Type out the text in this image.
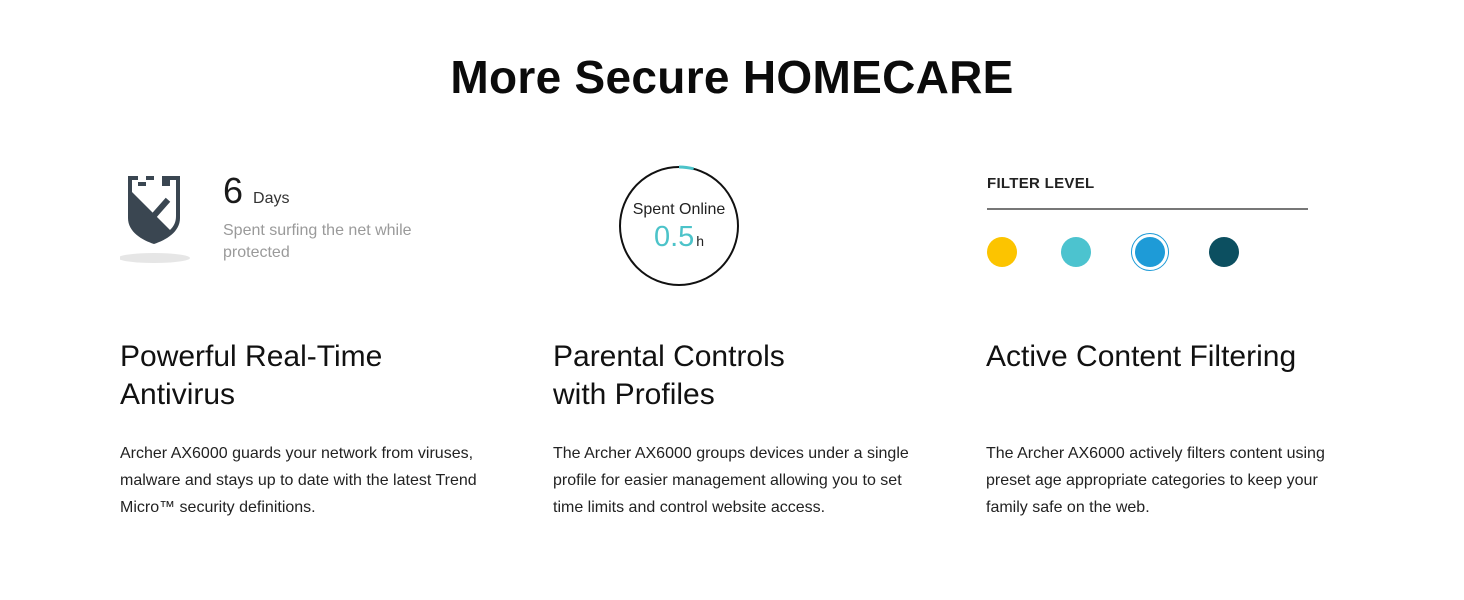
More Secure HOMECARE
6 Days
Spent surfing the net while protected
Powerful Real-Time
Antivirus

Archer AX6000 guards your network from viruses, malware and stays up to date with the latest Trend Micro™ security definitions.

Spent Online
0.5 h
Parental Controls
with Profiles

The Archer AX6000 groups devices under a single profile for easier management allowing you to set time limits and control website access.

FILTER LEVEL
Active Content Filtering

The Archer AX6000 actively filters content using preset age appropriate categories to keep your family safe on the web.
